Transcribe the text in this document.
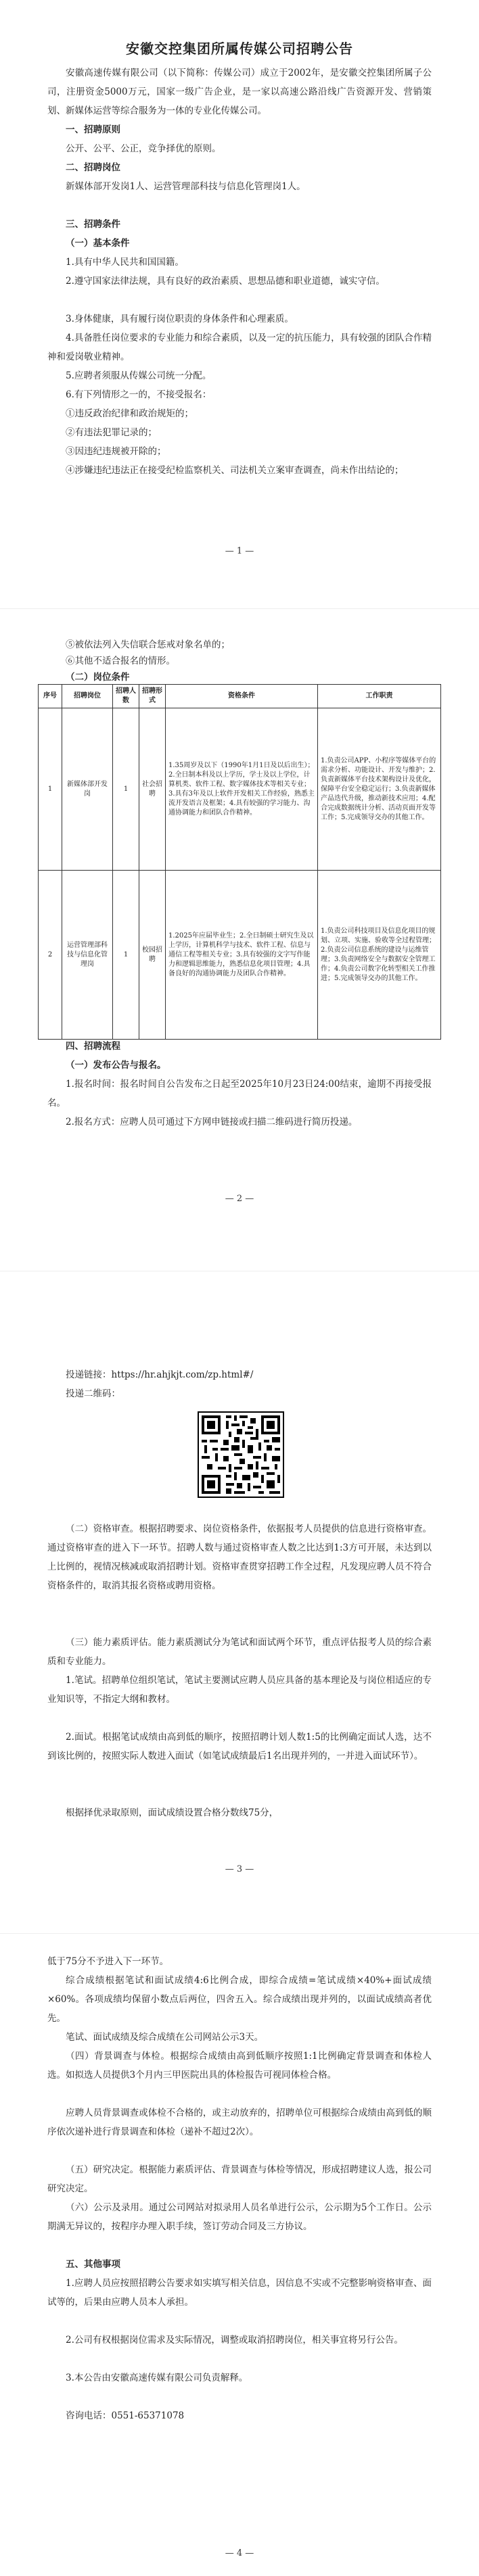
安徽交控集团所属传媒公司招聘公告
安徽高速传媒有限公司（以下简称：传媒公司）成立于2002年，是安徽交控集团所属子公司，注册资金5000万元，国家一级广告企业，是一家以高速公路沿线广告资源开发、营销策划、新媒体运营等综合服务为一体的专业化传媒公司。
一、招聘原则
公开、公平、公正，竞争择优的原则。
二、招聘岗位
新媒体部开发岗1人、运营管理部科技与信息化管理岗1人。
三、招聘条件
（一）基本条件
1.具有中华人民共和国国籍。
2.遵守国家法律法规，具有良好的政治素质、思想品德和职业道德，诚实守信。
3.身体健康，具有履行岗位职责的身体条件和心理素质。
4.具备胜任岗位要求的专业能力和综合素质，以及一定的抗压能力，具有较强的团队合作精神和爱岗敬业精神。
5.应聘者须服从传媒公司统一分配。
6.有下列情形之一的，不接受报名：
①违反政治纪律和政治规矩的；
②有违法犯罪记录的；
③因违纪违规被开除的；
④涉嫌违纪违法正在接受纪检监察机关、司法机关立案审查调查，尚未作出结论的；
— 1 —
⑤被依法列入失信联合惩戒对象名单的；
⑥其他不适合报名的情形。
（二）岗位条件
序号	招聘岗位	招聘人数	招聘形式	资格条件	工作职责
1	新媒体部开发岗	1	社会招聘	1.35周岁及以下（1990年1月1日及以后出生）；2.全日制本科及以上学历，学士及以上学位，计算机类、软件工程、数字媒体技术等相关专业；3.具有3年及以上软件开发相关工作经验，熟悉主流开发语言及框架；4.具有较强的学习能力、沟通协调能力和团队合作精神。	1.负责公司APP、小程序等媒体平台的需求分析、功能设计、开发与维护；2.负责新媒体平台技术架构设计及优化，保障平台安全稳定运行；3.负责新媒体产品迭代升级，推动新技术应用；4.配合完成数据统计分析、活动页面开发等工作；5.完成领导交办的其他工作。
2	运营管理部科技与信息化管理岗	1	校园招聘	1.2025年应届毕业生；2.全日制硕士研究生及以上学历，计算机科学与技术、软件工程、信息与通信工程等相关专业；3.具有较强的文字写作能力和逻辑思维能力，熟悉信息化项目管理；4.具备良好的沟通协调能力及团队合作精神。	1.负责公司科技项目及信息化项目的规划、立项、实施、验收等全过程管理；2.负责公司信息系统的建设与运维管理；3.负责网络安全与数据安全管理工作；4.负责公司数字化转型相关工作推进；5.完成领导交办的其他工作。
四、招聘流程
（一）发布公告与报名。
1.报名时间：报名时间自公告发布之日起至2025年10月23日24:00结束，逾期不再接受报名。
2.报名方式：应聘人员可通过下方网申链接或扫描二维码进行简历投递。
— 2 —
投递链接：https://hr.ahjkjt.com/zp.html#/
投递二维码：
（二）资格审查。根据招聘要求、岗位资格条件，依据报考人员提供的信息进行资格审查。通过资格审查的进入下一环节。招聘人数与通过资格审查人数之比达到1:3方可开展，未达到以上比例的，视情况核减或取消招聘计划。资格审查贯穿招聘工作全过程，凡发现应聘人员不符合资格条件的，取消其报名资格或聘用资格。
（三）能力素质评估。能力素质测试分为笔试和面试两个环节，重点评估报考人员的综合素质和专业能力。
1.笔试。招聘单位组织笔试，笔试主要测试应聘人员应具备的基本理论及与岗位相适应的专业知识等，不指定大纲和教材。
2.面试。根据笔试成绩由高到低的顺序，按照招聘计划人数1:5的比例确定面试人选，达不到该比例的，按照实际人数进入面试（如笔试成绩最后1名出现并列的，一并进入面试环节）。
根据择优录取原则，面试成绩设置合格分数线75分，
— 3 —
低于75分不予进入下一环节。
综合成绩根据笔试和面试成绩4:6比例合成，即综合成绩=笔试成绩×40%+面试成绩×60%。各项成绩均保留小数点后两位，四舍五入。综合成绩出现并列的，以面试成绩高者优先。
笔试、面试成绩及综合成绩在公司网站公示3天。
（四）背景调查与体检。根据综合成绩由高到低顺序按照1:1比例确定背景调查和体检人选。如拟选人员提供3个月内三甲医院出具的体检报告可视同体检合格。
应聘人员背景调查或体检不合格的，或主动放弃的，招聘单位可根据综合成绩由高到低的顺序依次递补进行背景调查和体检（递补不超过2次）。
（五）研究决定。根据能力素质评估、背景调查与体检等情况，形成招聘建议人选，报公司研究决定。
（六）公示及录用。通过公司网站对拟录用人员名单进行公示，公示期为5个工作日。公示期满无异议的，按程序办理入职手续，签订劳动合同及三方协议。
五、其他事项
1.应聘人员应按照招聘公告要求如实填写相关信息，因信息不实或不完整影响资格审查、面试等的，后果由应聘人员本人承担。
2.公司有权根据岗位需求及实际情况，调整或取消招聘岗位，相关事宜将另行公告。
3.本公告由安徽高速传媒有限公司负责解释。
咨询电话：0551-65371078
— 4 —
